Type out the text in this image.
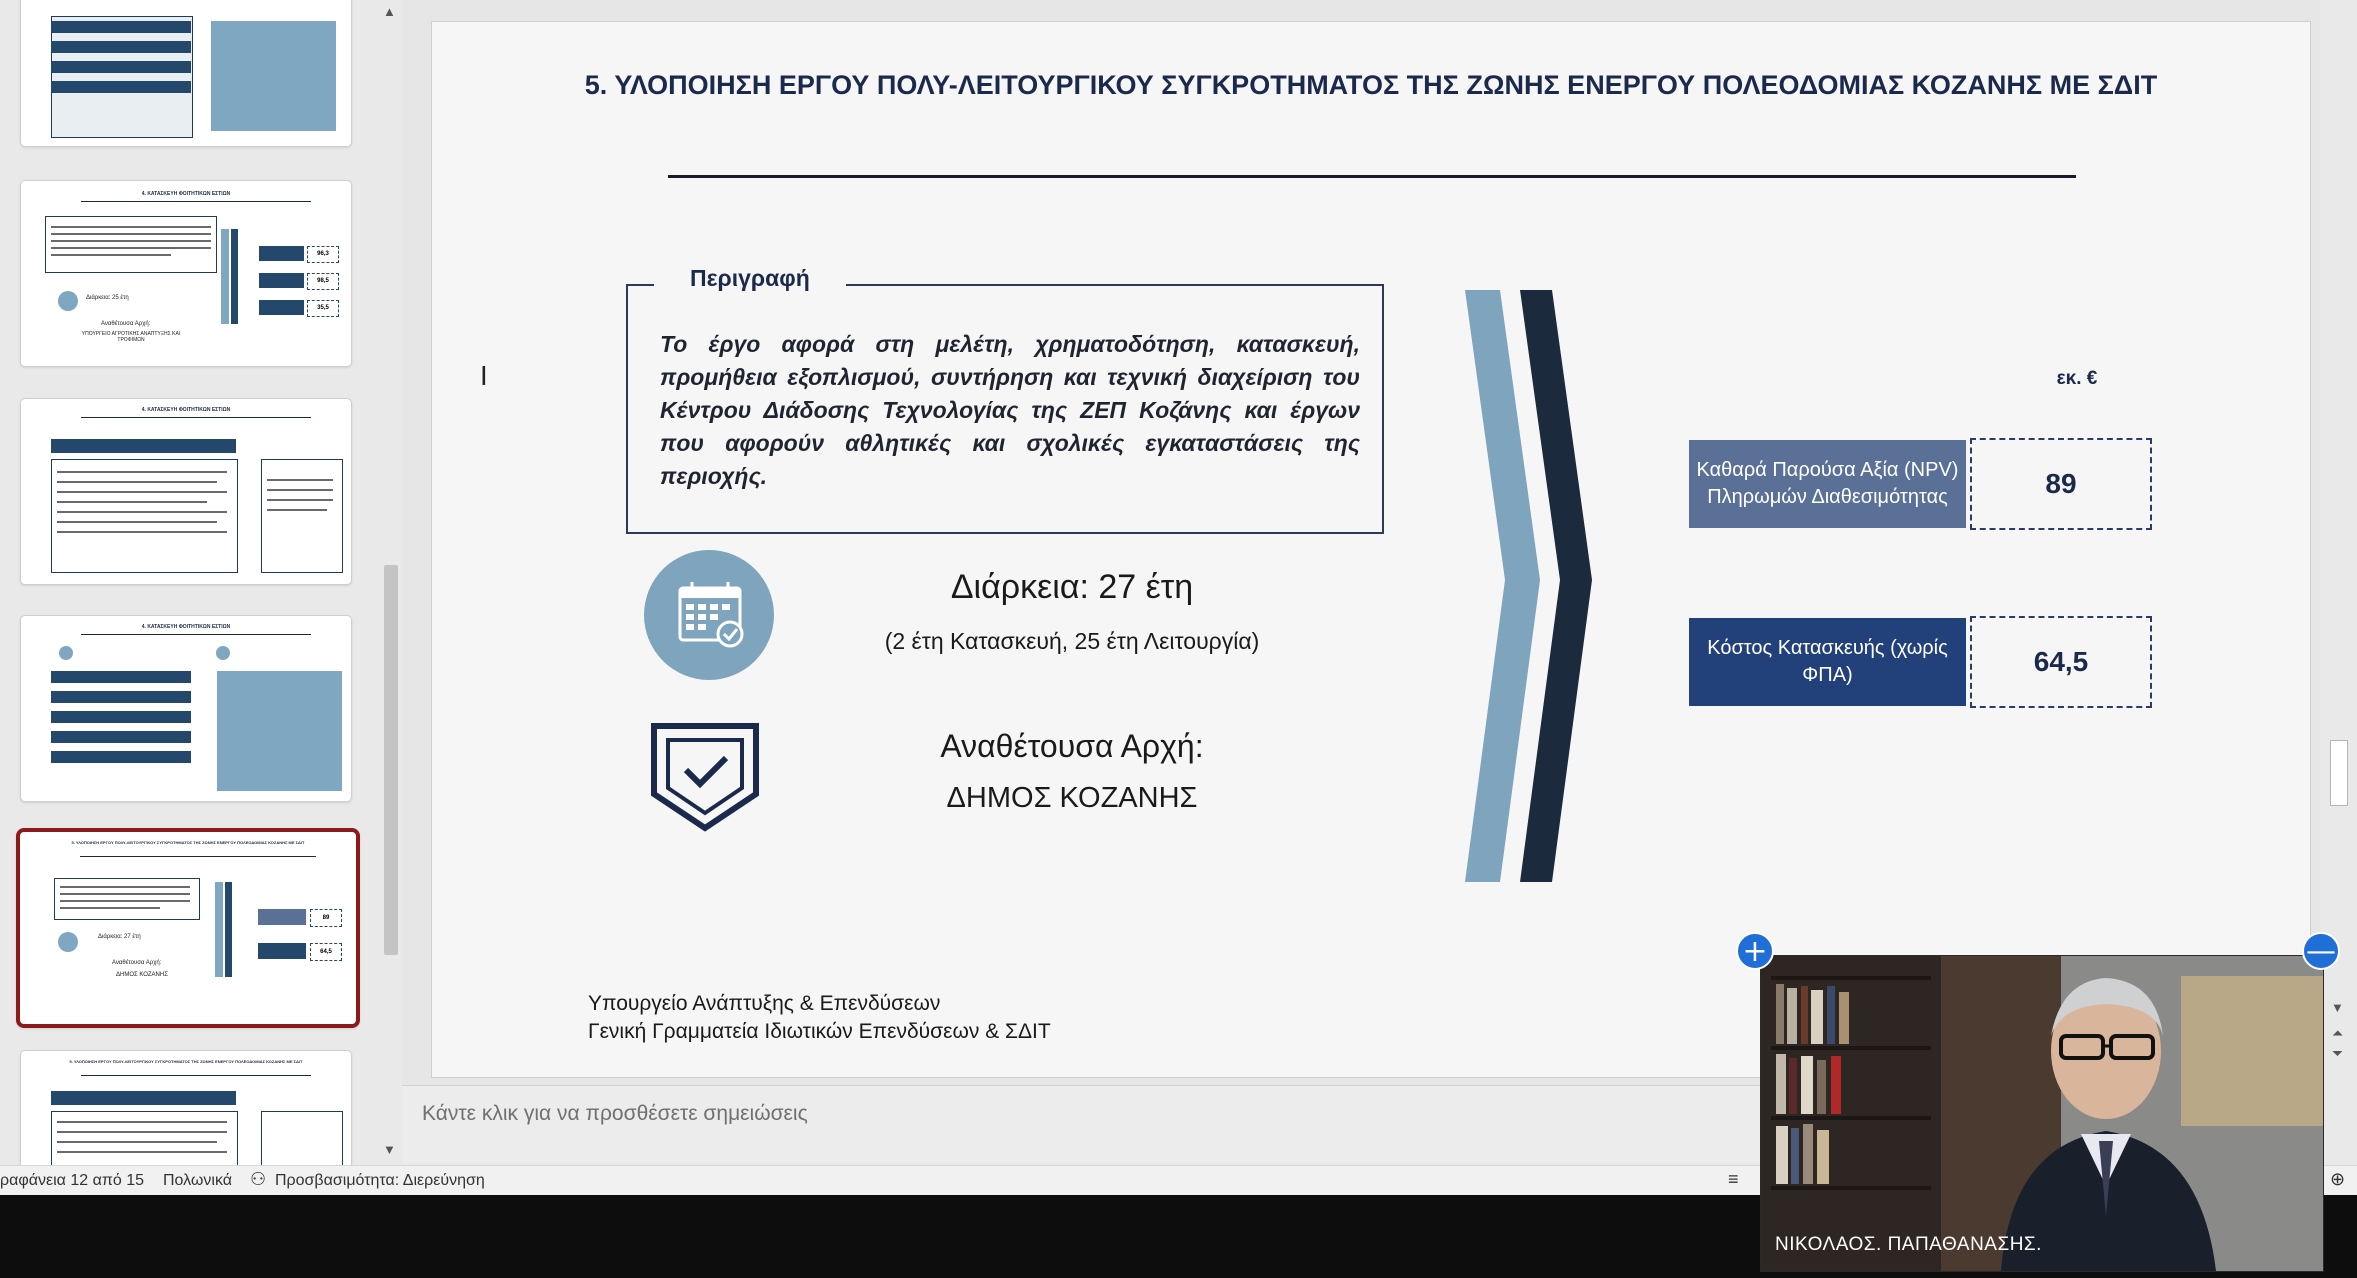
4. ΚΑΤΑΣΚΕΥΗ ΦΟΙΤΗΤΙΚΩΝ ΕΣΤΙΩΝ
Διάρκεια: 25 έτη
Αναθέτουσα Αρχή:
ΥΠΟΥΡΓΕΙΟ ΑΓΡΟΤΙΚΗΣ ΑΝΑΠΤΥΞΗΣ ΚΑΙ ΤΡΟΦΙΜΩΝ
96,3
98,5
35,5
4. ΚΑΤΑΣΚΕΥΗ ΦΟΙΤΗΤΙΚΩΝ ΕΣΤΙΩΝ
4. ΚΑΤΑΣΚΕΥΗ ΦΟΙΤΗΤΙΚΩΝ ΕΣΤΙΩΝ
5. ΥΛΟΠΟΙΗΣΗ ΕΡΓΟΥ ΠΟΛΥ-ΛΕΙΤΟΥΡΓΙΚΟΥ ΣΥΓΚΡΟΤΗΜΑΤΟΣ ΤΗΣ ΖΩΝΗΣ ΕΝΕΡΓΟΥ ΠΟΛΕΟΔΟΜΙΑΣ ΚΟΖΑΝΗΣ ΜΕ ΣΔΙΤ
Διάρκεια: 27 έτη
Αναθέτουσα Αρχή:
ΔΗΜΟΣ ΚΟΖΑΝΗΣ
89
64,5
5. ΥΛΟΠΟΙΗΣΗ ΕΡΓΟΥ ΠΟΛΥ-ΛΕΙΤΟΥΡΓΙΚΟΥ ΣΥΓΚΡΟΤΗΜΑΤΟΣ ΤΗΣ ΖΩΝΗΣ ΕΝΕΡΓΟΥ ΠΟΛΕΟΔΟΜΙΑΣ ΚΟΖΑΝΗΣ ΜΕ ΣΔΙΤ
▲
▼
5. ΥΛΟΠΟΙΗΣΗ ΕΡΓΟΥ ΠΟΛΥ-ΛΕΙΤΟΥΡΓΙΚΟΥ ΣΥΓΚΡΟΤΗΜΑΤΟΣ ΤΗΣ ΖΩΝΗΣ ΕΝΕΡΓΟΥ ΠΟΛΕΟΔΟΜΙΑΣ ΚΟΖΑΝΗΣ ΜΕ ΣΔΙΤ
Περιγραφή
Το έργο αφορά στη μελέτη, χρηματοδότηση, κατασκευή, προμήθεια εξοπλισμού, συντήρηση και τεχνική διαχείριση του Κέντρου Διάδοσης Τεχνολογίας της ΖΕΠ Κοζάνης και έργων που αφορούν αθλητικές και σχολικές εγκαταστάσεις της περιοχής.
I
Διάρκεια: 27 έτη
(2 έτη Κατασκευή, 25 έτη Λειτουργία)
Αναθέτουσα Αρχή:
ΔΗΜΟΣ ΚΟΖΑΝΗΣ
εκ. €
Καθαρά Παρούσα Αξία (NPV) Πληρωμών Διαθεσιμότητας	89
Κόστος Κατασκευής (χωρίς ΦΠΑ)	64,5
Υπουργείο Ανάπτυξης & Επενδύσεων
Γενική Γραμματεία Ιδιωτικών Επενδύσεων & ΣΔΙΤ
Κάντε κλικ για να προσθέσετε σημειώσεις
▼
⏶
⏷
ραφάνεια 12 από 15 Πολωνικά ⚇ Προσβασιμότητα: Διερεύνηση	≡	⊕
ΝΙΚΟΛΑΟΣ. ΠΑΠΑΘΑΝΑΣΗΣ.
+	—
